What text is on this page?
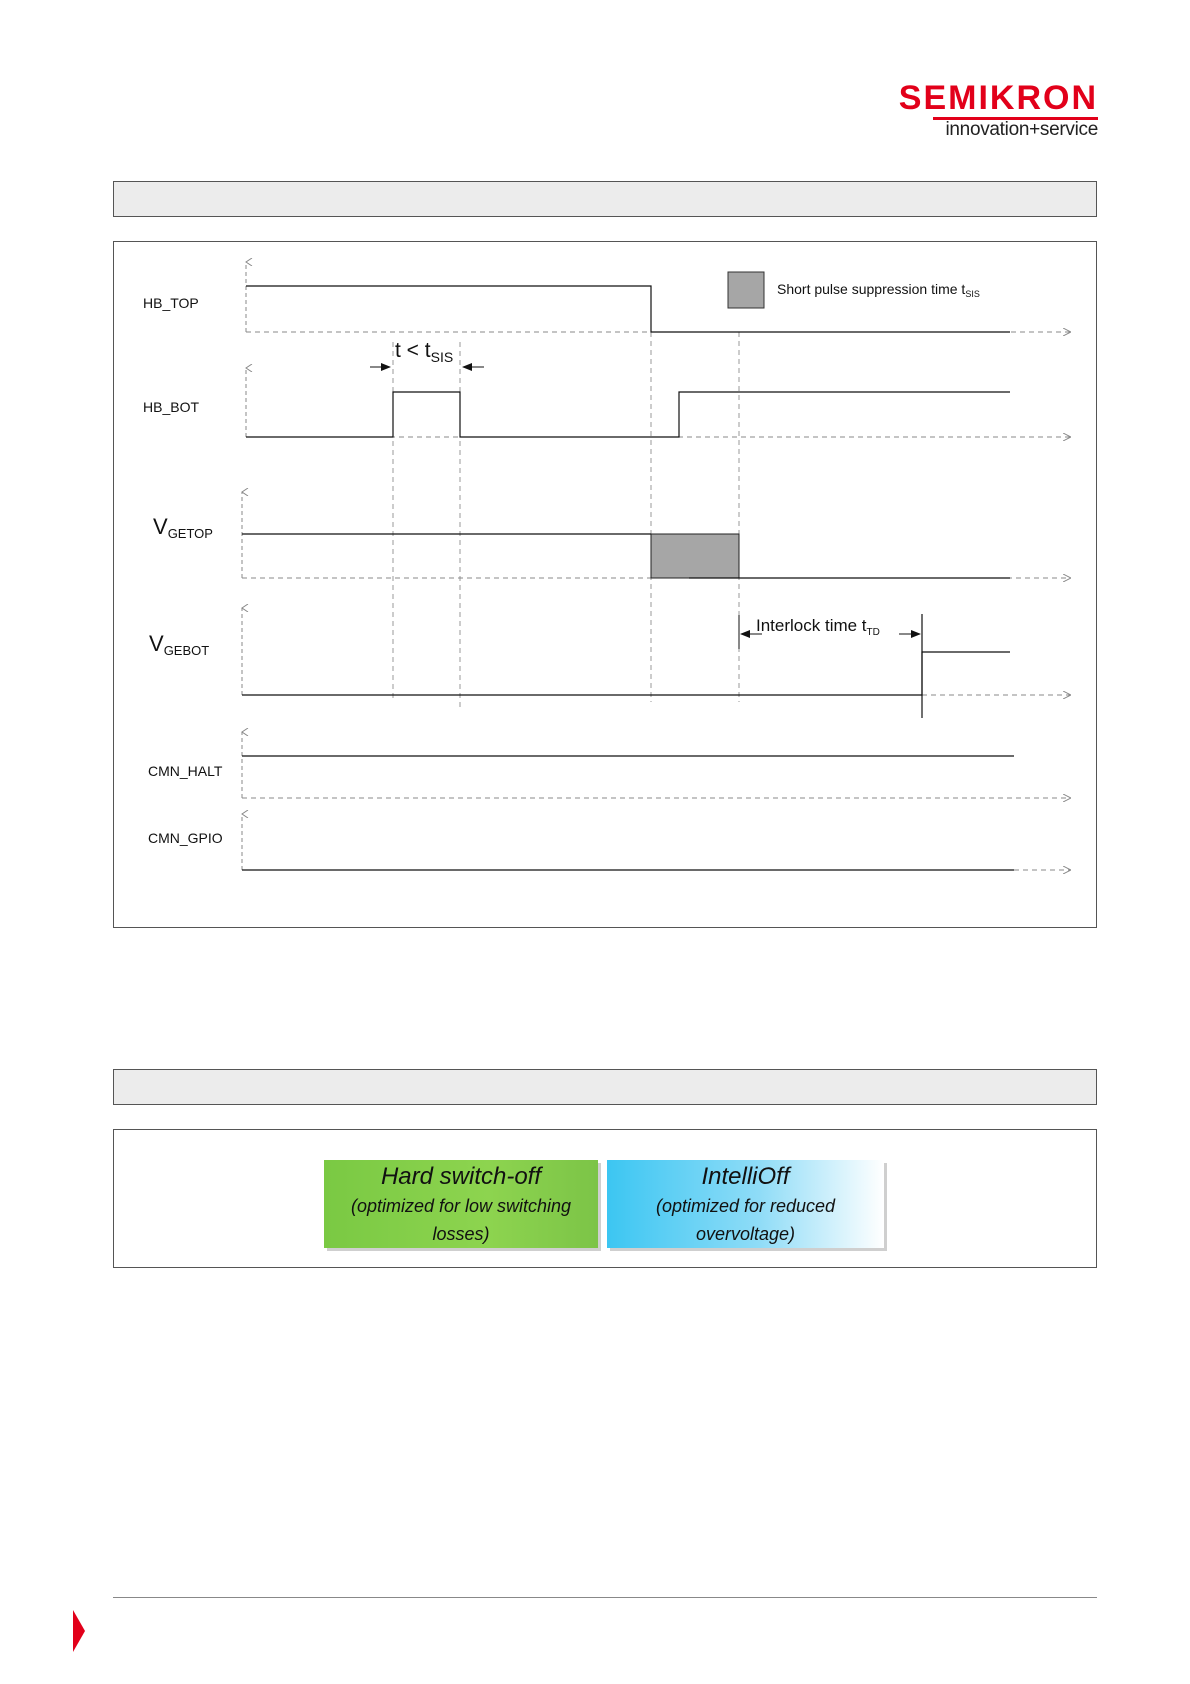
SEMIKRON
innovation+service
HB_TOP
Short pulse suppression time $t_{SIS}$
$t < t_{SIS}$
HB_BOT
$V_{GETOP}$
$V_{GEBOT}$
Interlock time $t_{TD}$
CMN_HALT
CMN_GPIO
Hard switch-off
(optimized for low switching losses)
IntelliOff
(optimized for reduced overvoltage)
